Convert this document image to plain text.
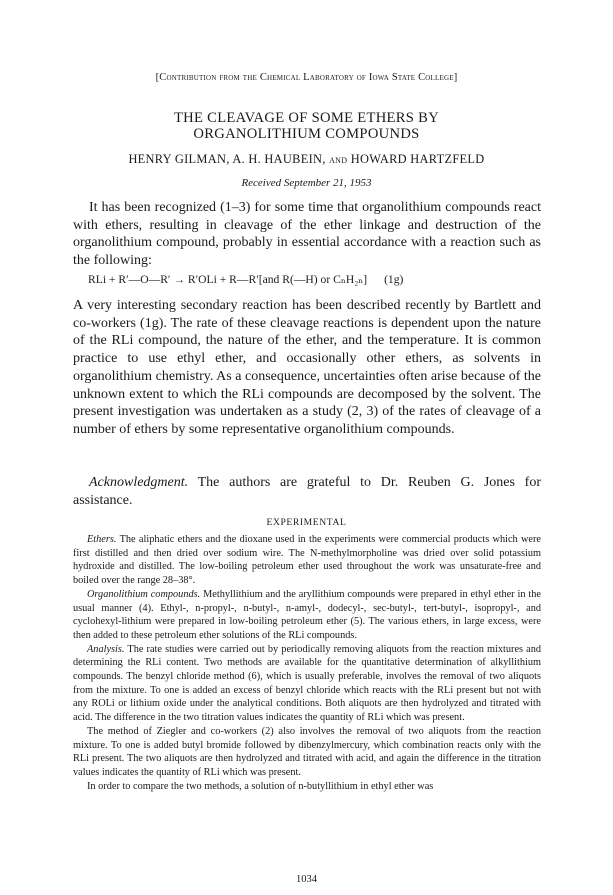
[Contribution from the Chemical Laboratory of Iowa State College]
THE CLEAVAGE OF SOME ETHERS BY
ORGANOLITHIUM COMPOUNDS
HENRY GILMAN, A. H. HAUBEIN, and HOWARD HARTZFELD
Received September 21, 1953
It has been recognized (1–3) for some time that organolithium compounds react with ethers, resulting in cleavage of the ether linkage and destruction of the organolithium compound, probably in essential accordance with a reaction such as the following:
RLi + R′—O—R′ → R′OLi + R—R′[and R(—H) or CₙH₂ₙ] (1g)
A very interesting secondary reaction has been described recently by Bartlett and co-workers (1g). The rate of these cleavage reactions is dependent upon the nature of the RLi compound, the nature of the ether, and the temperature. It is common practice to use ethyl ether, and occasionally other ethers, as solvents in organolithium chemistry. As a consequence, uncertainties often arise because of the unknown extent to which the RLi compounds are decomposed by the solvent. The present investigation was undertaken as a study (2, 3) of the rates of cleavage of a number of ethers by some representative organolithium compounds.
Acknowledgment. The authors are grateful to Dr. Reuben G. Jones for assistance.
EXPERIMENTAL

Ethers. The aliphatic ethers and the dioxane used in the experiments were commercial products which were first distilled and then dried over sodium wire. The N-methylmorpholine was dried over solid potassium hydroxide and distilled. The low-boiling petroleum ether used throughout the work was unsaturate-free and boiled over the range 28–38°.

Organolithium compounds. Methyllithium and the aryllithium compounds were prepared in ethyl ether in the usual manner (4). Ethyl-, n-propyl-, n-butyl-, n-amyl-, dodecyl-, sec-butyl-, tert-butyl-, isopropyl-, and cyclohexyl-lithium were prepared in low-boiling petroleum ether (5). The various ethers, in large excess, were then added to these petroleum ether solutions of the RLi compounds.

Analysis. The rate studies were carried out by periodically removing aliquots from the reaction mixtures and determining the RLi content. Two methods are available for the quantitative determination of alkyllithium compounds. The benzyl chloride method (6), which is usually preferable, involves the removal of two aliquots from the mixture. To one is added an excess of benzyl chloride which reacts with the RLi present but not with any ROLi or lithium oxide under the analytical conditions. Both aliquots are then hydrolyzed and titrated with acid. The difference in the two titration values indicates the quantity of RLi which was present.

The method of Ziegler and co-workers (2) also involves the removal of two aliquots from the reaction mixture. To one is added butyl bromide followed by dibenzylmercury, which combination reacts only with the RLi present. The two aliquots are then hydrolyzed and titrated with acid, and again the difference in the titration values indicates the quantity of RLi which was present.

In order to compare the two methods, a solution of n-butyllithium in ethyl ether was

1034
